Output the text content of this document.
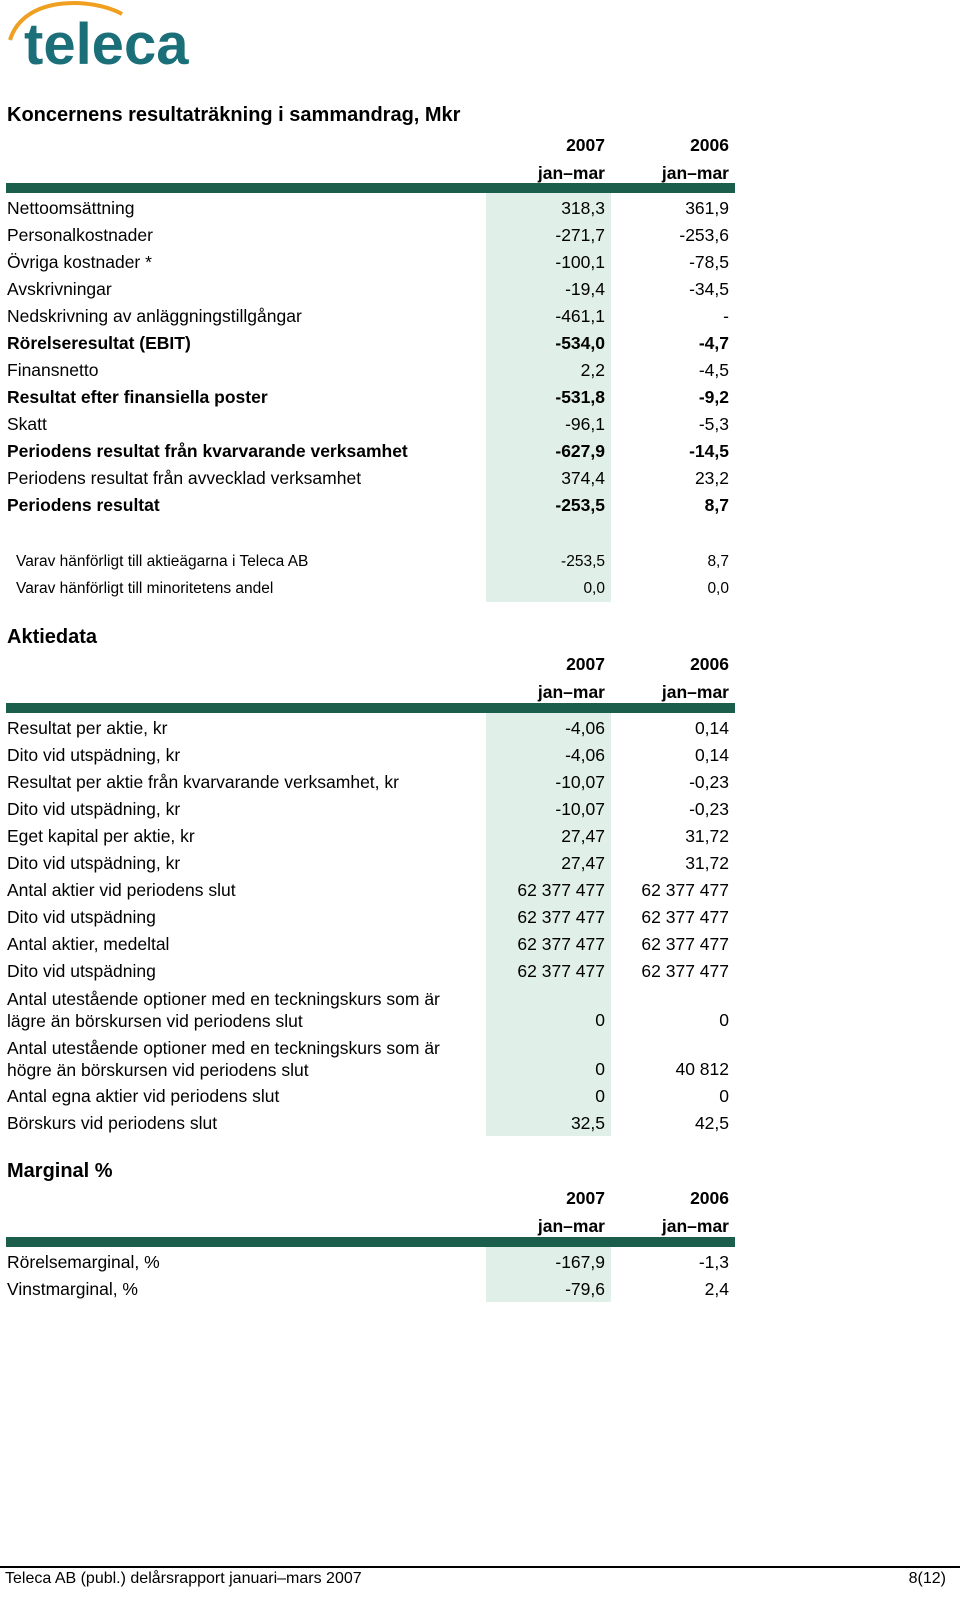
teleca
Koncernens resultaträkning i sammandrag, Mkr
2007	2006
jan–mar	jan–mar
Nettoomsättning	318,3	361,9
Personalkostnader	-271,7	-253,6
Övriga kostnader *	-100,1	-78,5
Avskrivningar	-19,4	-34,5
Nedskrivning av anläggningstillgångar	-461,1	-
Rörelseresultat (EBIT)	-534,0	-4,7
Finansnetto	2,2	-4,5
Resultat efter finansiella poster	-531,8	-9,2
Skatt	-96,1	-5,3
Periodens resultat från kvarvarande verksamhet	-627,9	-14,5
Periodens resultat från avvecklad verksamhet	374,4	23,2
Periodens resultat	-253,5	8,7
Varav hänförligt till aktieägarna i Teleca AB	-253,5	8,7
Varav hänförligt till minoritetens andel	0,0	0,0
Aktiedata
2007	2006
jan–mar	jan–mar
Resultat per aktie, kr	-4,06	0,14
Dito vid utspädning, kr	-4,06	0,14
Resultat per aktie från kvarvarande verksamhet, kr	-10,07	-0,23
Dito vid utspädning, kr	-10,07	-0,23
Eget kapital per aktie, kr	27,47	31,72
Dito vid utspädning, kr	27,47	31,72
Antal aktier vid periodens slut	62 377 477	62 377 477
Dito vid utspädning	62 377 477	62 377 477
Antal aktier, medeltal	62 377 477	62 377 477
Dito vid utspädning	62 377 477	62 377 477
Antal utestående optioner med en teckningskurs som är lägre än börskursen vid periodens slut	0	0
Antal utestående optioner med en teckningskurs som är högre än börskursen vid periodens slut	0	40 812
Antal egna aktier vid periodens slut	0	0
Börskurs vid periodens slut	32,5	42,5
Marginal %
2007	2006
jan–mar	jan–mar
Rörelsemarginal, %	-167,9	-1,3
Vinstmarginal, %	-79,6	2,4
Teleca AB (publ.) delårsrapport januari–mars 2007	8(12)
